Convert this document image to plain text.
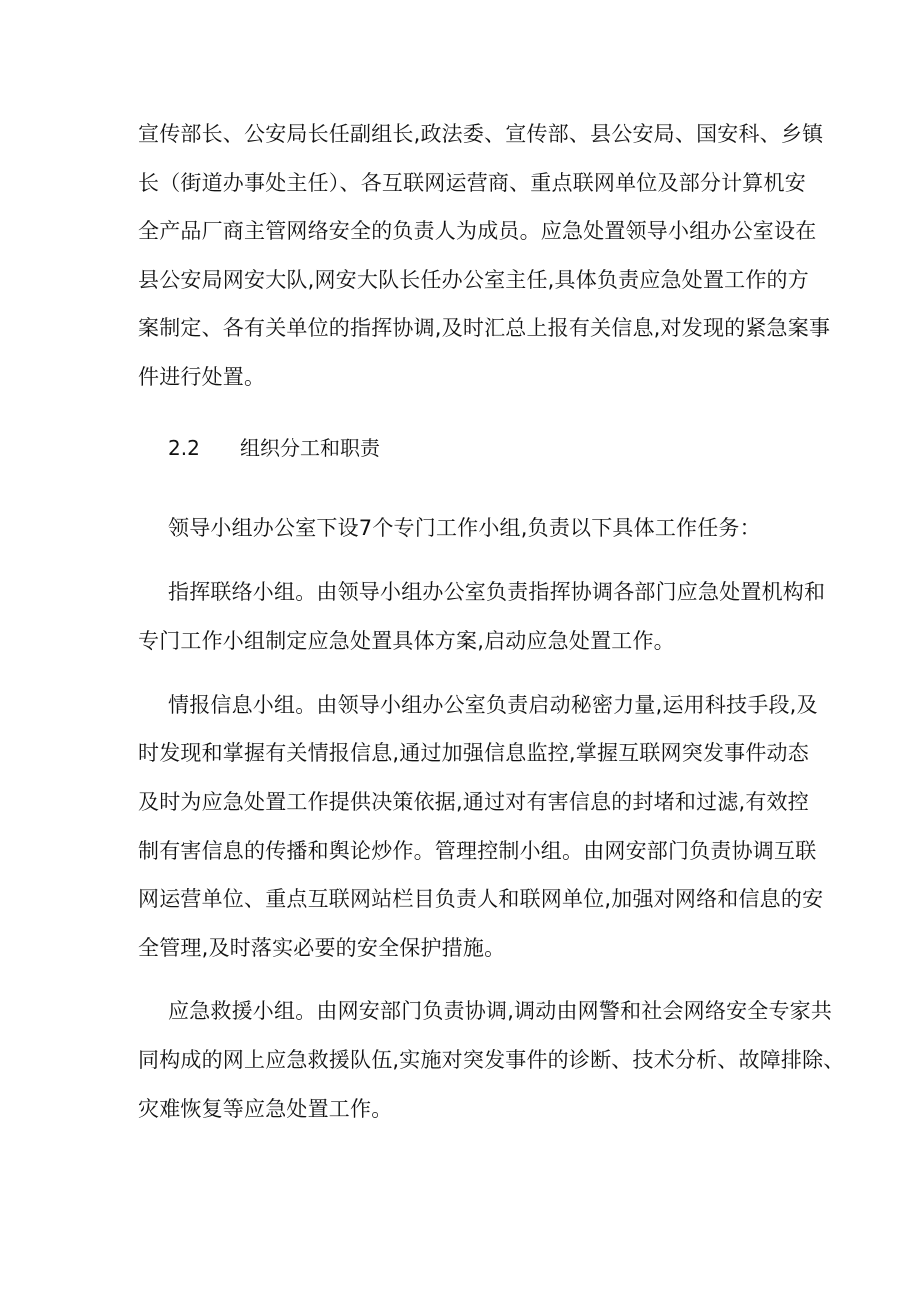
宣传部长、公安局长任副组长,政法委、宣传部、县公安局、国安科、乡镇
长（街道办事处主任）、各互联网运营商、重点联网单位及部分计算机安
全产品厂商主管网络安全的负责人为成员。应急处置领导小组办公室设在
县公安局网安大队,网安大队长任办公室主任,具体负责应急处置工作的方
案制定、各有关单位的指挥协调,及时汇总上报有关信息,对发现的紧急案事
件进行处置。
2.2 组织分工和职责
领导小组办公室下设7个专门工作小组,负责以下具体工作任务：
指挥联络小组。由领导小组办公室负责指挥协调各部门应急处置机构和
专门工作小组制定应急处置具体方案,启动应急处置工作。
情报信息小组。由领导小组办公室负责启动秘密力量,运用科技手段,及
时发现和掌握有关情报信息,通过加强信息监控,掌握互联网突发事件动态
及时为应急处置工作提供决策依据,通过对有害信息的封堵和过滤,有效控
制有害信息的传播和舆论炒作。管理控制小组。由网安部门负责协调互联
网运营单位、重点互联网站栏目负责人和联网单位,加强对网络和信息的安
全管理,及时落实必要的安全保护措施。
应急救援小组。由网安部门负责协调,调动由网警和社会网络安全专家共
同构成的网上应急救援队伍,实施对突发事件的诊断、技术分析、故障排除、
灾难恢复等应急处置工作。
